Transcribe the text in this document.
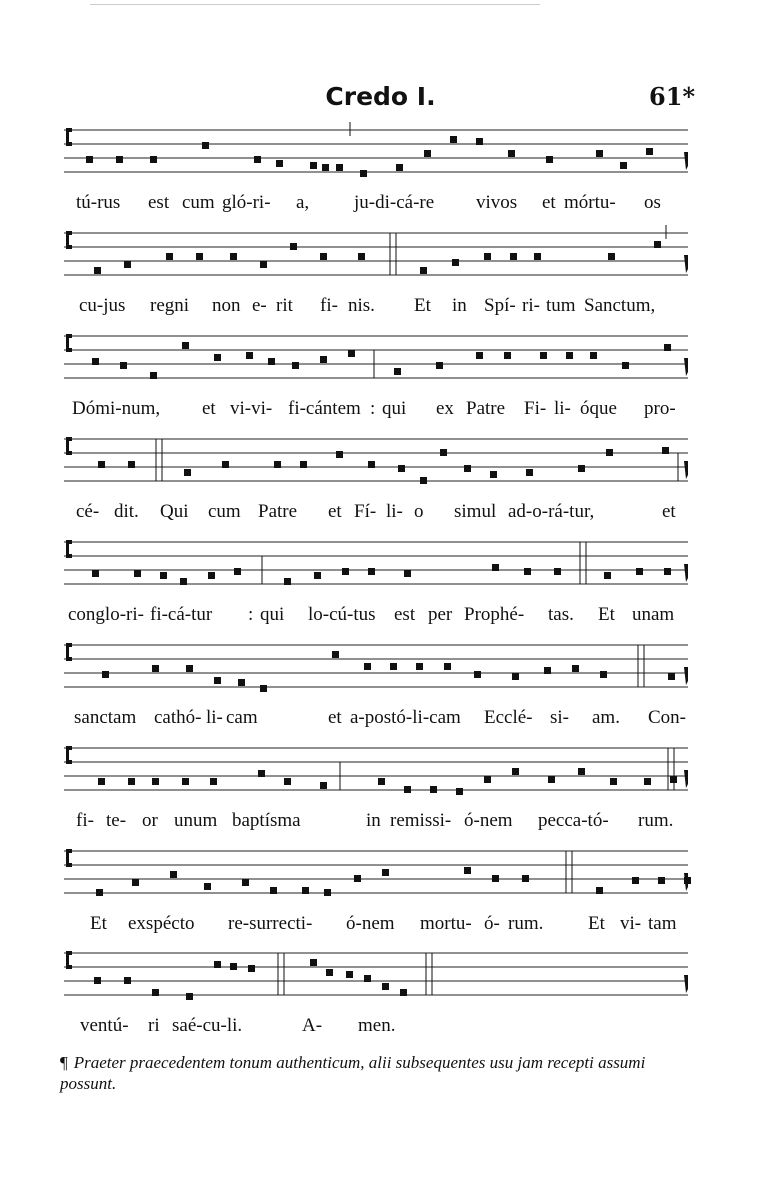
Credo I.	61*
tú-rus est cum gló-ri- a, ju-di-cá-re vivos et mórtu- os
cu-jus regni non e- rit fi- nis. Et in Spí- ri- tum Sanctum,
Dómi-num, et vi-vi- fi-cántem : qui ex Patre Fi- li- óque pro-
cé- dit. Qui cum Patre et Fí- li- o simul ad-o-rá-tur,	et
conglo-ri- fi-cá-tur : qui lo-cú-tus est per Prophé- tas. Et unam
sanctam cathó- li- cam	et a-postó-li-cam Ecclé- si- am. Con-
fi- te- or unum baptísma	in remissi- ó-nem pecca-tó- rum.
Et exspécto re-surrecti- ó-nem mortu- ó- rum. Et vi- tam
ventú- ri saé-cu-li.	A- men.
¶ Praeter praecedentem tonum authenticum, alii subsequentes usu jam recepti assumi possunt.
